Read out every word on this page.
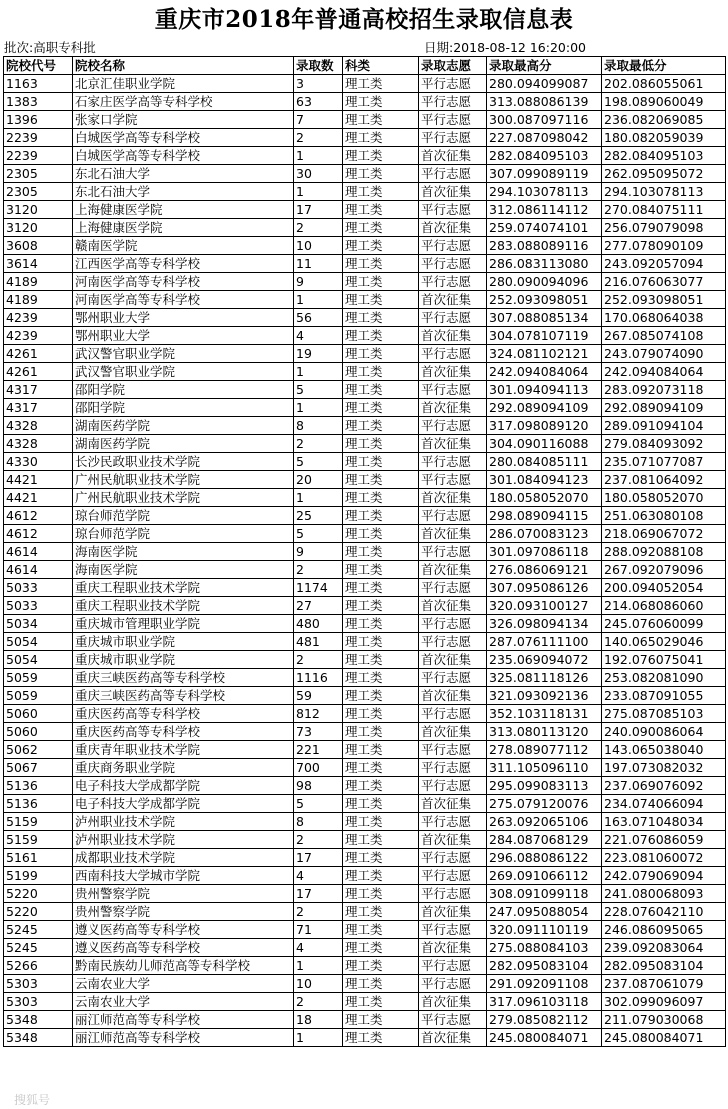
重庆市2018年普通高校招生录取信息表
批次:高职专科批	日期:2018-08-12 16:20:00
院校代号	院校名称	录取数	科类	录取志愿	录取最高分	录取最低分
1163	北京汇佳职业学院	3	理工类	平行志愿	280.094099087	202.086055061
1383	石家庄医学高等专科学校	63	理工类	平行志愿	313.088086139	198.089060049
1396	张家口学院	7	理工类	平行志愿	300.087097116	236.082069085
2239	白城医学高等专科学校	2	理工类	平行志愿	227.087098042	180.082059039
2239	白城医学高等专科学校	1	理工类	首次征集	282.084095103	282.084095103
2305	东北石油大学	30	理工类	平行志愿	307.099089119	262.095095072
2305	东北石油大学	1	理工类	首次征集	294.103078113	294.103078113
3120	上海健康医学院	17	理工类	平行志愿	312.086114112	270.084075111
3120	上海健康医学院	2	理工类	首次征集	259.074074101	256.079079098
3608	赣南医学院	10	理工类	平行志愿	283.088089116	277.078090109
3614	江西医学高等专科学校	11	理工类	平行志愿	286.083113080	243.092057094
4189	河南医学高等专科学校	9	理工类	平行志愿	280.090094096	216.076063077
4189	河南医学高等专科学校	1	理工类	首次征集	252.093098051	252.093098051
4239	鄂州职业大学	56	理工类	平行志愿	307.088085134	170.068064038
4239	鄂州职业大学	4	理工类	首次征集	304.078107119	267.085074108
4261	武汉警官职业学院	19	理工类	平行志愿	324.081102121	243.079074090
4261	武汉警官职业学院	1	理工类	首次征集	242.094084064	242.094084064
4317	邵阳学院	5	理工类	平行志愿	301.094094113	283.092073118
4317	邵阳学院	1	理工类	首次征集	292.089094109	292.089094109
4328	湖南医药学院	8	理工类	平行志愿	317.098089120	289.091094104
4328	湖南医药学院	2	理工类	首次征集	304.090116088	279.084093092
4330	长沙民政职业技术学院	5	理工类	平行志愿	280.084085111	235.071077087
4421	广州民航职业技术学院	20	理工类	平行志愿	301.084094123	237.081064092
4421	广州民航职业技术学院	1	理工类	首次征集	180.058052070	180.058052070
4612	琼台师范学院	25	理工类	平行志愿	298.089094115	251.063080108
4612	琼台师范学院	5	理工类	首次征集	286.070083123	218.069067072
4614	海南医学院	9	理工类	平行志愿	301.097086118	288.092088108
4614	海南医学院	2	理工类	首次征集	276.086069121	267.092079096
5033	重庆工程职业技术学院	1174	理工类	平行志愿	307.095086126	200.094052054
5033	重庆工程职业技术学院	27	理工类	首次征集	320.093100127	214.068086060
5034	重庆城市管理职业学院	480	理工类	平行志愿	326.098094134	245.076060099
5054	重庆城市职业学院	481	理工类	平行志愿	287.076111100	140.065029046
5054	重庆城市职业学院	2	理工类	首次征集	235.069094072	192.076075041
5059	重庆三峡医药高等专科学校	1116	理工类	平行志愿	325.081118126	253.082081090
5059	重庆三峡医药高等专科学校	59	理工类	首次征集	321.093092136	233.087091055
5060	重庆医药高等专科学校	812	理工类	平行志愿	352.103118131	275.087085103
5060	重庆医药高等专科学校	73	理工类	首次征集	313.080113120	240.090086064
5062	重庆青年职业技术学院	221	理工类	平行志愿	278.089077112	143.065038040
5067	重庆商务职业学院	700	理工类	平行志愿	311.105096110	197.073082032
5136	电子科技大学成都学院	98	理工类	平行志愿	295.099083113	237.069076092
5136	电子科技大学成都学院	5	理工类	首次征集	275.079120076	234.074066094
5159	泸州职业技术学院	8	理工类	平行志愿	263.092065106	163.071048034
5159	泸州职业技术学院	2	理工类	首次征集	284.087068129	221.076086059
5161	成都职业技术学院	17	理工类	平行志愿	296.088086122	223.081060072
5199	西南科技大学城市学院	4	理工类	平行志愿	269.091066112	242.079069094
5220	贵州警察学院	17	理工类	平行志愿	308.091099118	241.080068093
5220	贵州警察学院	2	理工类	首次征集	247.095088054	228.076042110
5245	遵义医药高等专科学校	71	理工类	平行志愿	320.091110119	246.086095065
5245	遵义医药高等专科学校	4	理工类	首次征集	275.088084103	239.092083064
5266	黔南民族幼儿师范高等专科学校	1	理工类	平行志愿	282.095083104	282.095083104
5303	云南农业大学	10	理工类	平行志愿	291.092091108	237.087061079
5303	云南农业大学	2	理工类	首次征集	317.096103118	302.099096097
5348	丽江师范高等专科学校	18	理工类	平行志愿	279.085082112	211.079030068
5348	丽江师范高等专科学校	1	理工类	首次征集	245.080084071	245.080084071
搜狐号
